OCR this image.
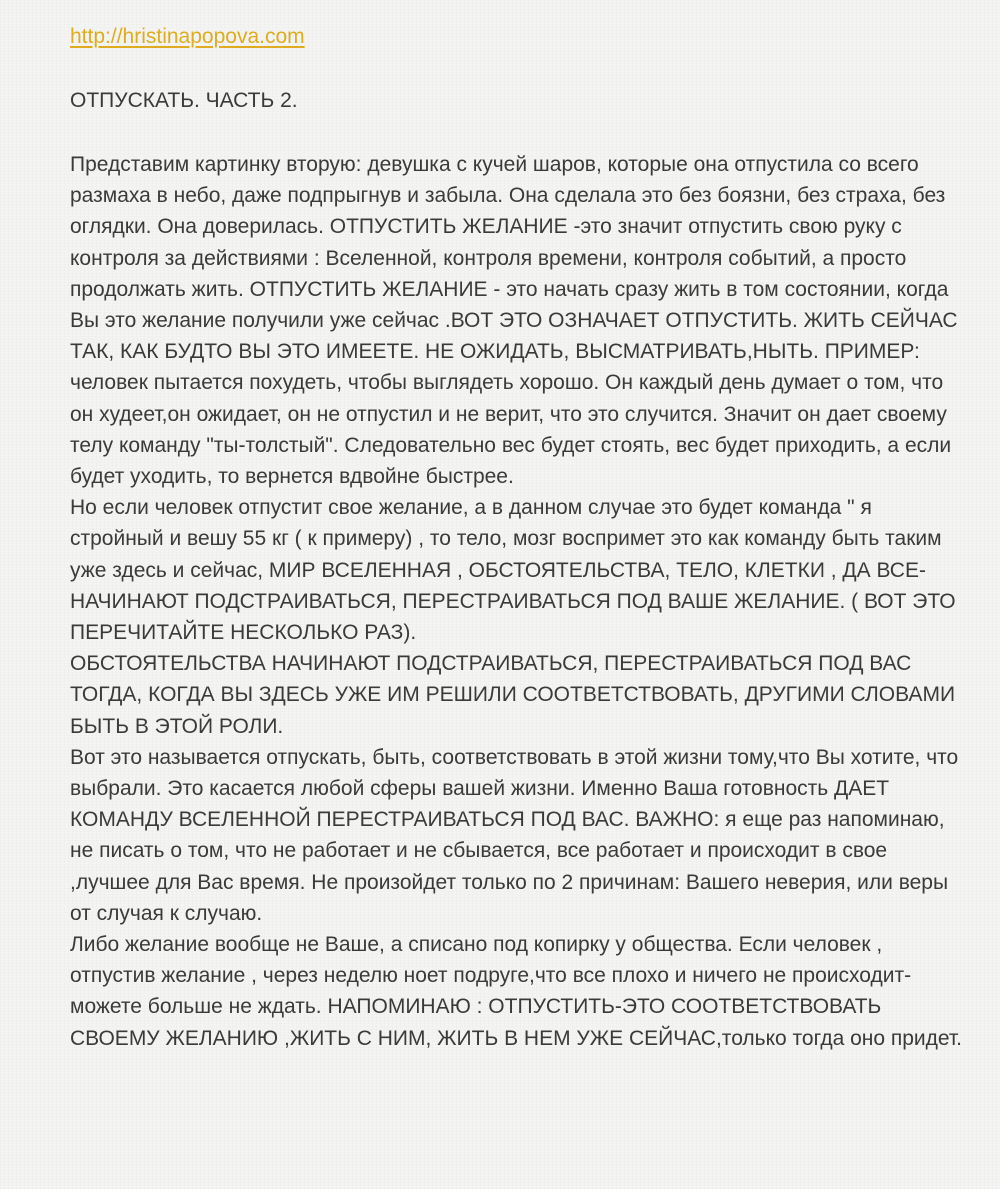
http://hristinapopova.com
ОТПУСКАТЬ. ЧАСТЬ 2.

Представим картинку вторую: девушка с кучей шаров, которые она отпустила со всего размаха в небо, даже подпрыгнув и забыла. Она сделала это без боязни, без страха, без оглядки. Она доверилась. ОТПУСТИТЬ ЖЕЛАНИЕ -это значит отпустить свою руку с контроля за действиями : Вселенной, контроля времени, контроля событий, а просто продолжать жить. ОТПУСТИТЬ ЖЕЛАНИЕ - это начать сразу жить в том состоянии, когда Вы это желание получили уже сейчас .ВОТ ЭТО ОЗНАЧАЕТ ОТПУСТИТЬ. ЖИТЬ СЕЙЧАС ТАК, КАК БУДТО ВЫ ЭТО ИМЕЕТЕ. НЕ ОЖИДАТЬ, ВЫСМАТРИВАТЬ,НЫТЬ. ПРИМЕР: человек пытается похудеть, чтобы выглядеть хорошо. Он каждый день думает о том, что он худеет,он ожидает, он не отпустил и не верит, что это случится. Значит он дает своему телу команду "ты-толстый". Следовательно вес будет стоять, вес будет приходить, а если будет уходить, то вернется вдвойне быстрее.

Но если человек отпустит свое желание, а в данном случае это будет команда " я стройный и вешу 55 кг ( к примеру) , то тело, мозг воспримет это как команду быть таким уже здесь и сейчас, МИР ВСЕЛЕННАЯ , ОБСТОЯТЕЛЬСТВА, ТЕЛО, КЛЕТКИ , ДА ВСЕ- НАЧИНАЮТ ПОДСТРАИВАТЬСЯ, ПЕРЕСТРАИВАТЬСЯ ПОД ВАШЕ ЖЕЛАНИЕ. ( ВОТ ЭТО ПЕРЕЧИТАЙТЕ НЕСКОЛЬКО РАЗ).

ОБСТОЯТЕЛЬСТВА НАЧИНАЮТ ПОДСТРАИВАТЬСЯ, ПЕРЕСТРАИВАТЬСЯ ПОД ВАС ТОГДА, КОГДА ВЫ ЗДЕСЬ УЖЕ ИМ РЕШИЛИ СООТВЕТСТВОВАТЬ, ДРУГИМИ СЛОВАМИ БЫТЬ В ЭТОЙ РОЛИ.

Вот это называется отпускать, быть, соответствовать в этой жизни тому,что Вы хотите, что выбрали. Это касается любой сферы вашей жизни. Именно Ваша готовность ДАЕТ КОМАНДУ ВСЕЛЕННОЙ ПЕРЕСТРАИВАТЬСЯ ПОД ВАС. ВАЖНО: я еще раз напоминаю, не писать о том, что не работает и не сбывается, все работает и происходит в свое ,лучшее для Вас время. Не произойдет только по 2 причинам: Вашего неверия, или веры от случая к случаю.

Либо желание вообще не Ваше, а списано под копирку у общества. Если человек , отпустив желание , через неделю ноет подруге,что все плохо и ничего не происходит- можете больше не ждать. НАПОМИНАЮ : ОТПУСТИТЬ-ЭТО СООТВЕТСТВОВАТЬ СВОЕМУ ЖЕЛАНИЮ ,ЖИТЬ С НИМ, ЖИТЬ В НЕМ УЖЕ СЕЙЧАС,только тогда оно придет.
